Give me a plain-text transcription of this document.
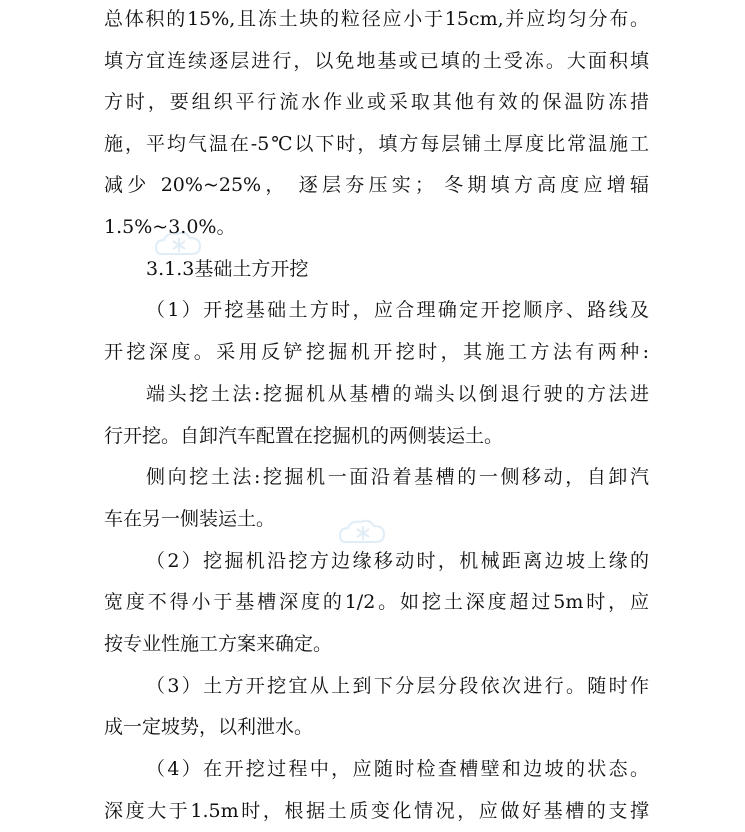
总体积的15%,且冻土块的粒径应小于15cm,并应均匀分布。
填方宜连续逐层进行，以免地基或已填的土受冻。大面积填
方时，要组织平行流水作业或采取其他有效的保温防冻措
施，平均气温在-5℃以下时，填方每层铺土厚度比常温施工
减少 20%~25%， 逐层夯压实； 冬期填方高度应增辐
1.5%~3.0%。
3.1.3基础土方开挖
（1）开挖基础土方时，应合理确定开挖顺序、路线及
开挖深度。采用反铲挖掘机开挖时，其施工方法有两种:
端头挖土法:挖掘机从基槽的端头以倒退行驶的方法进
行开挖。自卸汽车配置在挖掘机的两侧装运土。
侧向挖土法:挖掘机一面沿着基槽的一侧移动，自卸汽
车在另一侧装运土。
（2）挖掘机沿挖方边缘移动时，机械距离边坡上缘的
宽度不得小于基槽深度的1/2。如挖土深度超过5m时，应
按专业性施工方案来确定。
（3）土方开挖宜从上到下分层分段依次进行。随时作
成一定坡势，以利泄水。
（4）在开挖过程中，应随时检查槽壁和边坡的状态。
深度大于1.5m时，根据土质变化情况，应做好基槽的支撑
